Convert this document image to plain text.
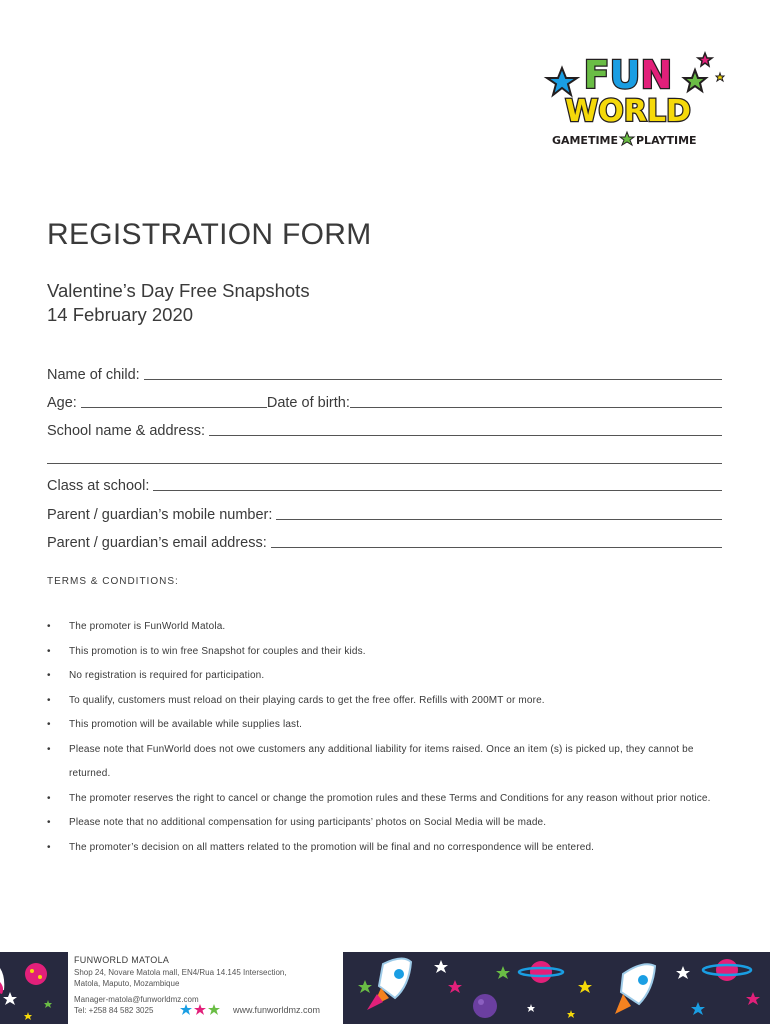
FUN
WORLD
GAMETIME PLAYTIME
REGISTRATION FORM
Valentine’s Day Free Snapshots
14 February 2020
Name of child:
Age:	Date of birth:
School name & address:
Class at school:
Parent / guardian’s mobile number:
Parent / guardian’s email address:
TERMS & CONDITIONS:
•	The promoter is FunWorld Matola.
•	This promotion is to win free Snapshot for couples and their kids.
•	No registration is required for participation.
•	To qualify, customers must reload on their playing cards to get the free offer. Refills with 200MT or more.
•	This promotion will be available while supplies last.
•	Please note that FunWorld does not owe customers any additional liability for items raised. Once an item (s) is picked up, they cannot be returned.
•	The promoter reserves the right to cancel or change the promotion rules and these Terms and Conditions for any reason without prior notice.
•	Please note that no additional compensation for using participants’ photos on Social Media will be made.
•	The promoter’s decision on all matters related to the promotion will be final and no correspondence will be entered.
FUNWORLD MATOLA
Shop 24, Novare Matola mall, EN4/Rua 14.145 Intersection,
Matola, Maputo, Mozambique
Manager-matola@funworldmz.com
Tel: +258 84 582 3025	www.funworldmz.com
